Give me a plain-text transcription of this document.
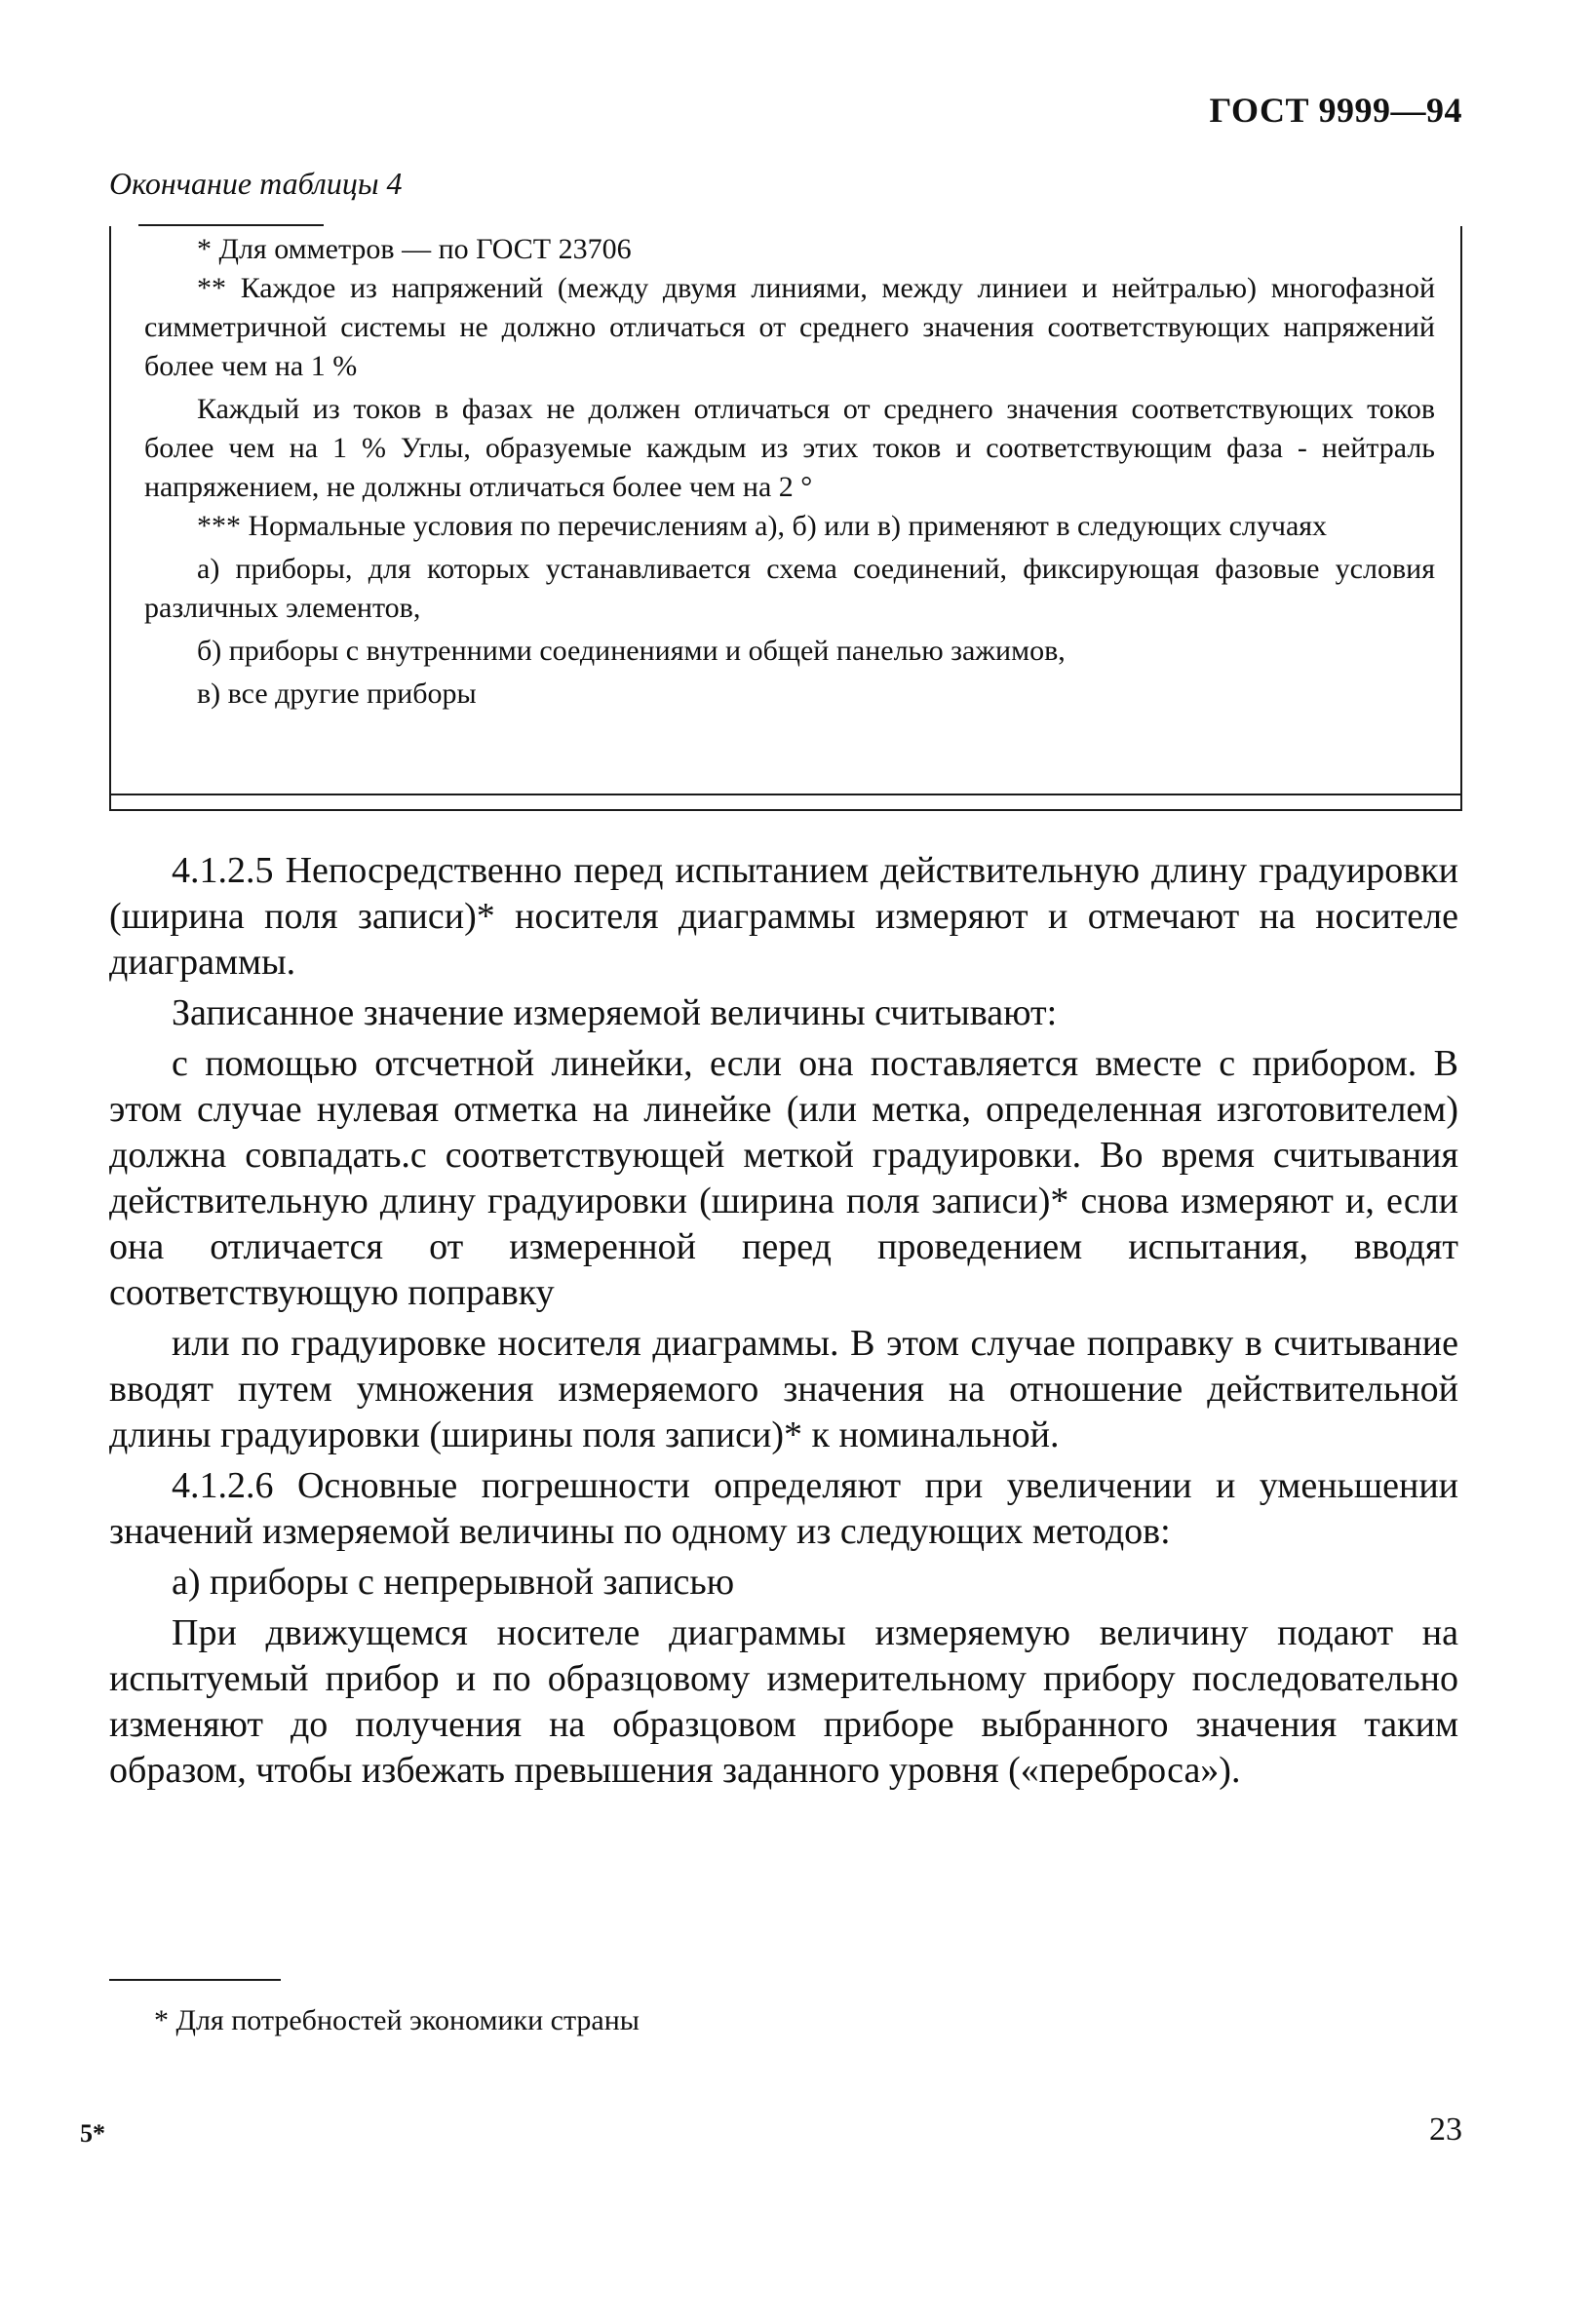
ГОСТ 9999—94
Окончание таблицы 4

* Для омметров — по ГОСТ 23706

** Каждое из напряжений (между двумя линиями, между линиеи и нейтралью) многофазной симметричной системы не должно отличаться от среднего значения соответствующих напряжений более чем на 1 %

Каждый из токов в фазах не должен отличаться от среднего значения соответствующих токов более чем на 1 % Углы, образуемые каждым из этих токов и соответствующим фаза - нейтраль напряжением, не должны отличаться более чем на 2 °

*** Нормальные условия по перечислениям а), б) или в) применяют в следующих случаях

а) приборы, для которых устанавливается схема соединений, фиксирующая фазовые условия различных элементов,

б) приборы с внутренними соединениями и общей панелью зажимов,

в) все другие приборы

4.1.2.5 Непосредственно перед испытанием действительную длину градуировки (ширина поля записи)* носителя диаграммы измеряют и отмечают на носителе диаграммы.

Записанное значение измеряемой величины считывают:

с помощью отсчетной линейки, если она поставляется вместе с прибором. В этом случае нулевая отметка на линейке (или метка, определенная изготовителем) должна совпадать.с соответствующей меткой градуировки. Во время считывания действительную длину градуировки (ширина поля записи)* снова измеряют и, если она отличается от измеренной перед проведением испытания, вводят соответствующую поправку

или по градуировке носителя диаграммы. В этом случае поправку в считывание вводят путем умножения измеряемого значения на отношение действительной длины градуировки (ширины поля записи)* к номинальной.

4.1.2.6 Основные погрешности определяют при увеличении и уменьшении значений измеряемой величины по одному из следующих методов:

а) приборы с непрерывной записью

При движущемся носителе диаграммы измеряемую величину подают на испытуемый прибор и по образцовому измерительному прибору последовательно изменяют до получения на образцовом приборе выбранного значения таким образом, чтобы избежать превышения заданного уровня («переброса»).

* Для потребностей экономики страны
5*	23
